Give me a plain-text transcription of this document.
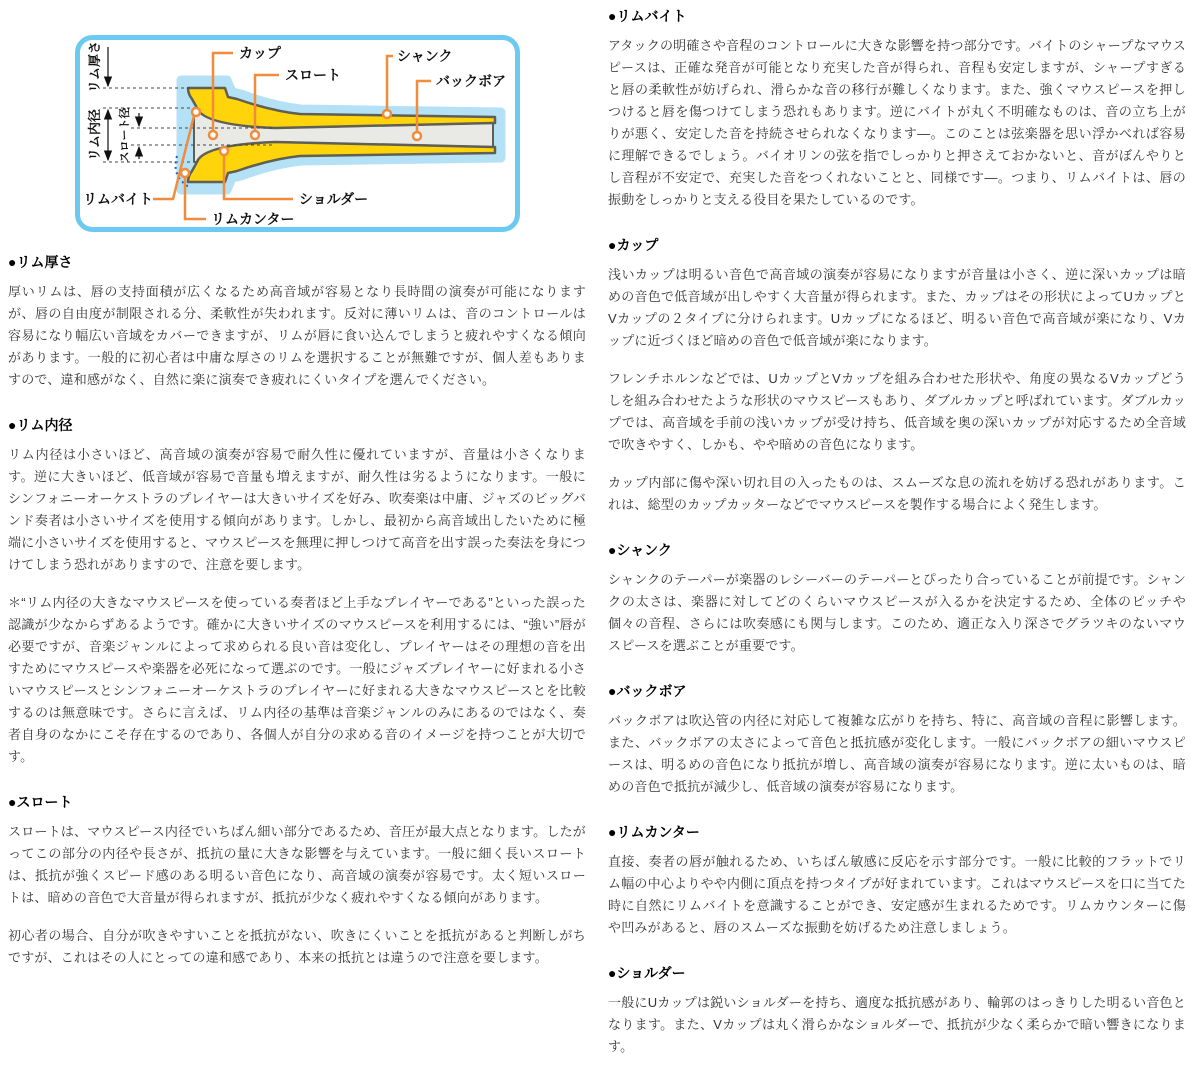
カップ
スロート
シャンク
バックボア
リムバイト	ショルダー
リムカンター
リム厚さ
リム内径 スロート径
●リム厚さ

厚いリムは、唇の支持面積が広くなるため高音域が容易となり長時間の演奏が可能になりますが、唇の自由度が制限される分、柔軟性が失われます。反対に薄いリムは、音のコントロールは容易になり幅広い音域をカバーできますが、リムが唇に食い込んでしまうと疲れやすくなる傾向があります。一般的に初心者は中庸な厚さのリムを選択することが無難ですが、個人差もありますので、違和感がなく、自然に楽に演奏でき疲れにくいタイプを選んでください。

●リム内径

リム内径は小さいほど、高音域の演奏が容易で耐久性に優れていますが、音量は小さくなります。逆に大きいほど、低音域が容易で音量も増えますが、耐久性は劣るようになります。一般にシンフォニーオーケストラのプレイヤーは大きいサイズを好み、吹奏楽は中庸、ジャズのビッグバンド奏者は小さいサイズを使用する傾向があります。しかし、最初から高音域出したいために極端に小さいサイズを使用すると、マウスピースを無理に押しつけて高音を出す誤った奏法を身につけてしまう恐れがありますので、注意を要します。

＊“リム内径の大きなマウスピースを使っている奏者ほど上手なプレイヤーである”といった誤った認識が少なからずあるようです。確かに大きいサイズのマウスピースを利用するには、“強い”唇が必要ですが、音楽ジャンルによって求められる良い音は変化し、プレイヤーはその理想の音を出すためにマウスピースや楽器を必死になって選ぶのです。一般にジャズプレイヤーに好まれる小さいマウスピースとシンフォニーオーケストラのプレイヤーに好まれる大きなマウスピースとを比較するのは無意味です。さらに言えば、リム内径の基準は音楽ジャンルのみにあるのではなく、奏者自身のなかにこそ存在するのであり、各個人が自分の求める音のイメージを持つことが大切です。

●スロート

スロートは、マウスピース内径でいちばん細い部分であるため、音圧が最大点となります。したがってこの部分の内径や長さが、抵抗の量に大きな影響を与えています。一般に細く長いスロートは、抵抗が強くスピード感のある明るい音色になり、高音域の演奏が容易です。太く短いスロートは、暗めの音色で大音量が得られますが、抵抗が少なく疲れやすくなる傾向があります。

初心者の場合、自分が吹きやすいことを抵抗がない、吹きにくいことを抵抗があると判断しがちですが、これはその人にとっての違和感であり、本来の抵抗とは違うので注意を要します。

●リムバイト

アタックの明確さや音程のコントロールに大きな影響を持つ部分です。バイトのシャープなマウスピースは、正確な発音が可能となり充実した音が得られ、音程も安定しますが、シャープすぎると唇の柔軟性が妨げられ、滑らかな音の移行が難しくなります。また、強くマウスピースを押しつけると唇を傷つけてしまう恐れもあります。逆にバイトが丸く不明確なものは、音の立ち上がりが悪く、安定した音を持続させられなくなります―。このことは弦楽器を思い浮かべれば容易に理解できるでしょう。バイオリンの弦を指でしっかりと押さえておかないと、音がぼんやりとし音程が不安定で、充実した音をつくれないことと、同様です―。つまり、リムバイトは、唇の振動をしっかりと支える役目を果たしているのです。

●カップ

浅いカップは明るい音色で高音域の演奏が容易になりますが音量は小さく、逆に深いカップは暗めの音色で低音域が出しやすく大音量が得られます。また、カップはその形状によってUカップとVカップの２タイプに分けられます。Uカップになるほど、明るい音色で高音域が楽になり、Vカップに近づくほど暗めの音色で低音域が楽になります。

フレンチホルンなどでは、UカップとVカップを組み合わせた形状や、角度の異なるVカップどうしを組み合わせたような形状のマウスピースもあり、ダブルカップと呼ばれています。ダブルカップでは、高音域を手前の浅いカップが受け持ち、低音域を奥の深いカップが対応するため全音域で吹きやすく、しかも、やや暗めの音色になります。

カップ内部に傷や深い切れ目の入ったものは、スムーズな息の流れを妨げる恐れがあります。これは、総型のカップカッターなどでマウスピースを製作する場合によく発生します。

●シャンク

シャンクのテーパーが楽器のレシーバーのテーパーとぴったり合っていることが前提です。シャンクの太さは、楽器に対してどのくらいマウスピースが入るかを決定するため、全体のピッチや個々の音程、さらには吹奏感にも関与します。このため、適正な入り深さでグラツキのないマウスピースを選ぶことが重要です。

●バックボア

バックボアは吹込管の内径に対応して複雑な広がりを持ち、特に、高音域の音程に影響します。また、バックボアの太さによって音色と抵抗感が変化します。一般にバックボアの細いマウスピースは、明るめの音色になり抵抗が増し、高音域の演奏が容易になります。逆に太いものは、暗めの音色で抵抗が減少し、低音域の演奏が容易になります。

●リムカンター

直接、奏者の唇が触れるため、いちばん敏感に反応を示す部分です。一般に比較的フラットでリム幅の中心よりやや内側に頂点を持つタイプが好まれています。これはマウスピースを口に当てた時に自然にリムバイトを意識することができ、安定感が生まれるためです。リムカウンターに傷や凹みがあると、唇のスムーズな振動を妨げるため注意しましょう。

●ショルダー

一般にUカップは鋭いショルダーを持ち、適度な抵抗感があり、輪郭のはっきりした明るい音色となります。また、Vカップは丸く滑らかなショルダーで、抵抗が少なく柔らかで暗い響きになります。
